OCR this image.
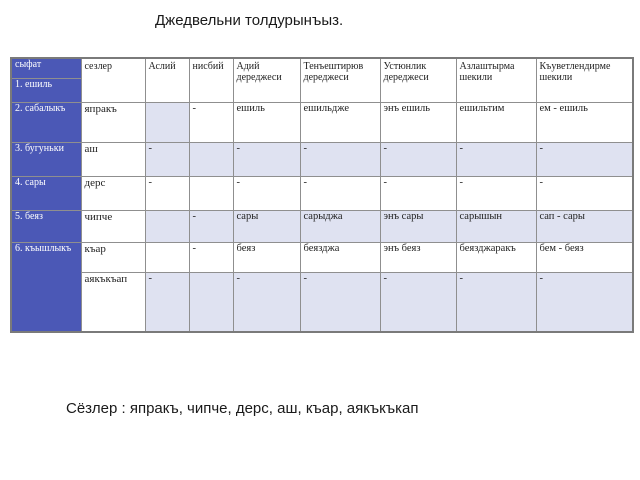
Джедвельни толдурынъыз.
сыфат	сезлер	Аслий	нисбий	Адий дереджеси	Тенъештирюв дереджеси	Устюнлик дереджеси	Азлаштырма шекили	Къуветлендирме шекили
1. ешиль								
2. сабалыкъ	япракъ		-	ешиль	ешильдже	энъ ешиль	ешильтим	ем - ешиль
3. бугуньки	аш	-		-	-	-	-	-
4. сары	дерс	-		-	-	-	-	-
5. беяз	чипче		-	сары	сарыджа	энъ сары	сарышын	сап - сары
6. къышлыкъ	къар		-	беяз	беязджа	энъ беяз	беязджаракъ	бем - беяз
	аякъкъап	-		-	-	-	-	-
Сёзлер : япракъ, чипче, дерс, аш, къар, аякъкъкап
